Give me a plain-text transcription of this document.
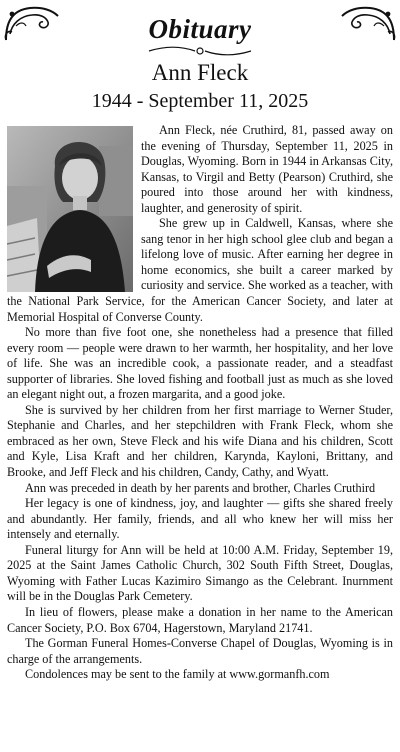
Obituary
Ann Fleck
1944 - September 11, 2025

Ann Fleck, née Cruthird, 81, passed away on the evening of Thursday, September 11, 2025 in Douglas, Wyoming. Born in 1944 in Arkansas City, Kansas, to Virgil and Betty (Pearson) Cruthird, she poured into those around her with kindness, laughter, and generosity of spirit.

She grew up in Caldwell, Kansas, where she sang tenor in her high school glee club and began a lifelong love of music. After earning her degree in home economics, she built a career marked by curiosity and service. She worked as a teacher, with the National Park Service, for the American Cancer Society, and later at Memorial Hospital of Converse County.

No more than five foot one, she nonetheless had a presence that filled every room — people were drawn to her warmth, her hospitality, and her love of life. She was an incredible cook, a passionate reader, and a steadfast supporter of libraries. She loved fishing and football just as much as she loved an elegant night out, a frozen margarita, and a good joke.

She is survived by her children from her first marriage to Werner Studer, Stephanie and Charles, and her stepchildren with Frank Fleck, whom she embraced as her own, Steve Fleck and his wife Diana and his children, Scott and Kyle, Lisa Kraft and her children, Karynda, Kayloni, Brittany, and Brooke, and Jeff Fleck and his children, Candy, Cathy, and Wyatt.

Ann was preceded in death by her parents and brother, Charles Cruthird

Her legacy is one of kindness, joy, and laughter — gifts she shared freely and abundantly. Her family, friends, and all who knew her will miss her intensely and eternally.

Funeral liturgy for Ann will be held at 10:00 A.M. Friday, September 19, 2025 at the Saint James Catholic Church, 302 South Fifth Street, Douglas, Wyoming with Father Lucas Kazimiro Simango as the Celebrant. Inurnment will be in the Douglas Park Cemetery.

In lieu of flowers, please make a donation in her name to the American Cancer Society, P.O. Box 6704, Hagerstown, Maryland 21741.

The Gorman Funeral Homes-Converse Chapel of Douglas, Wyoming is in charge of the arrangements.

Condolences may be sent to the family at www.gormanfh.com
